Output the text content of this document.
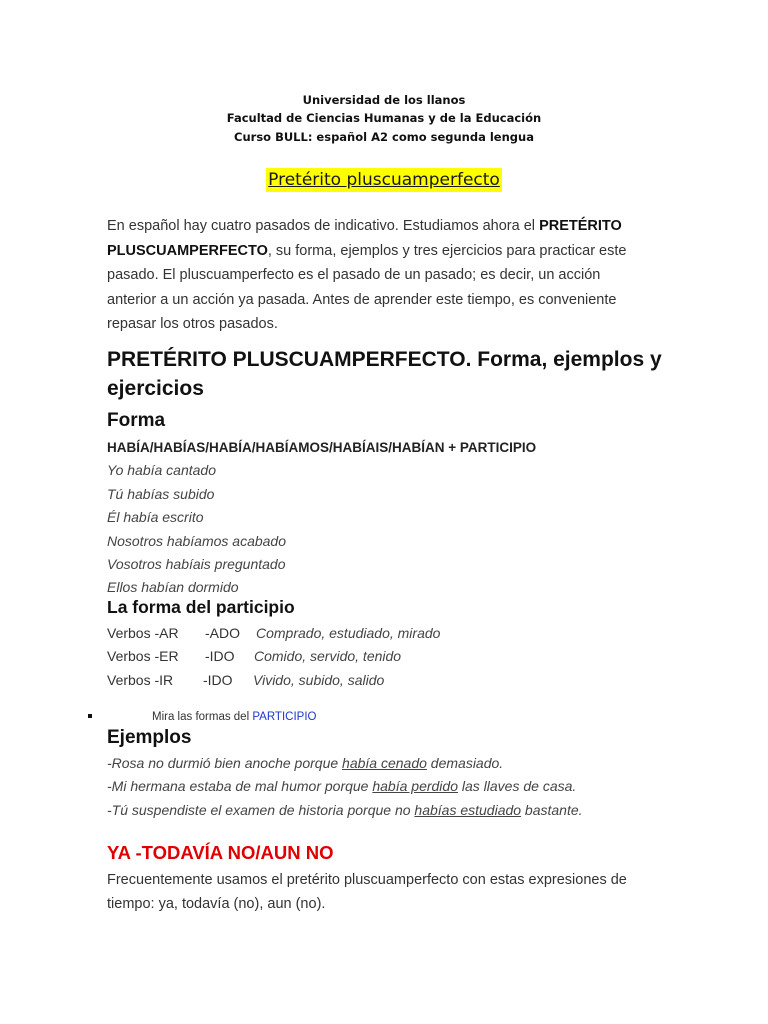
Universidad de los llanos
Facultad de Ciencias Humanas y de la Educación
Curso BULL: español A2 como segunda lengua
Pretérito pluscuamperfecto
En español hay cuatro pasados de indicativo. Estudiamos ahora el PRETÉRITO PLUSCUAMPERFECTO, su forma, ejemplos y tres ejercicios para practicar este pasado. El pluscuamperfecto es el pasado de un pasado; es decir, un acción anterior a un acción ya pasada. Antes de aprender este tiempo, es conveniente repasar los otros pasados.
PRETÉRITO PLUSCUAMPERFECTO. Forma, ejemplos y ejercicios
Forma
HABÍA/HABÍAS/HABÍA/HABÍAMOS/HABÍAIS/HABÍAN + PARTICIPIO
Yo había cantado
Tú habías subido
Él había escrito
Nosotros habíamos acabado
Vosotros habíais preguntado
Ellos habían dormido
La forma del participio
Verbos -AR	-ADO Comprado, estudiado, mirado
Verbos -ER -IDO Comido, servido, tenido
Verbos -IR -IDO Vivido, subido, salido
Mira las formas del PARTICIPIO
Ejemplos
-Rosa no durmió bien anoche porque había cenado demasiado.
-Mi hermana estaba de mal humor porque había perdido las llaves de casa.
-Tú suspendiste el examen de historia porque no habías estudiado bastante.
YA -TODAVÍA NO/AUN NO
Frecuentemente usamos el pretérito pluscuamperfecto con estas expresiones de tiempo: ya, todavía (no), aun (no).
